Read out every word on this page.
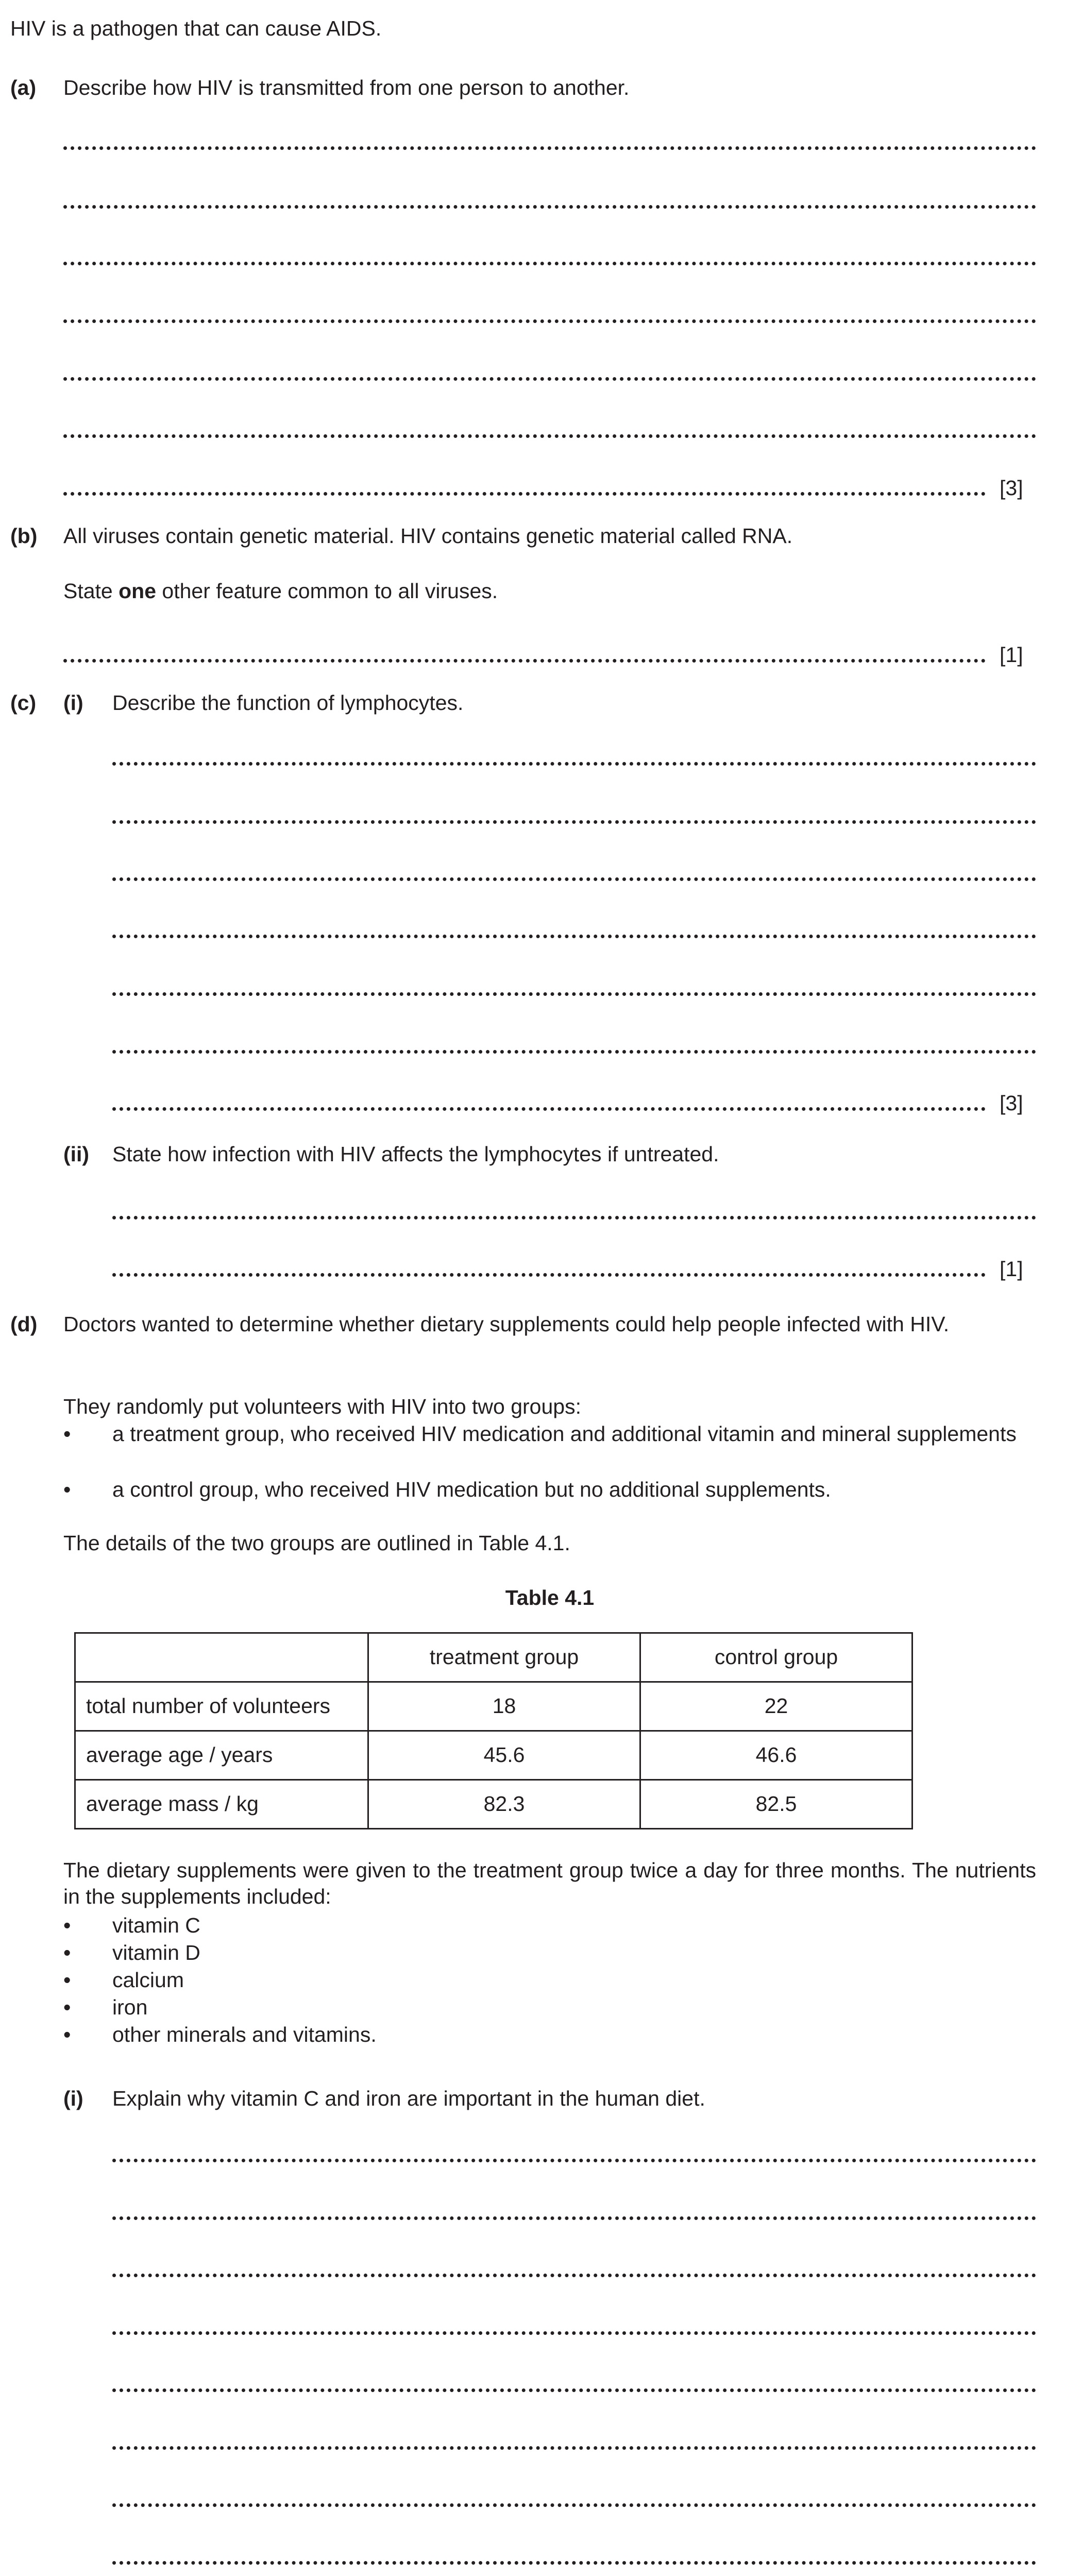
HIV is a pathogen that can cause AIDS.
(a) Describe how HIV is transmitted from one person to another.
[3]
(b) All viruses contain genetic material. HIV contains genetic material called RNA.
State one other feature common to all viruses.
[1]
(c) (i) Describe the function of lymphocytes.
[3]
(ii) State how infection with HIV affects the lymphocytes if untreated.
[1]
(d) Doctors wanted to determine whether dietary supplements could help people infected with HIV.
They randomly put volunteers with HIV into two groups:
• a treatment group, who received HIV medication and additional vitamin and mineral supplements
• a control group, who received HIV medication but no additional supplements.
The details of the two groups are outlined in Table 4.1.
Table 4.1
	treatment group	control group
total number of volunteers	18	22
average age / years	45.6	46.6
average mass / kg	82.3	82.5
The dietary supplements were given to the treatment group twice a day for three months. The nutrients in the supplements included:
• vitamin C
• vitamin D
• calcium
• iron
• other minerals and vitamins.
(i) Explain why vitamin C and iron are important in the human diet.
